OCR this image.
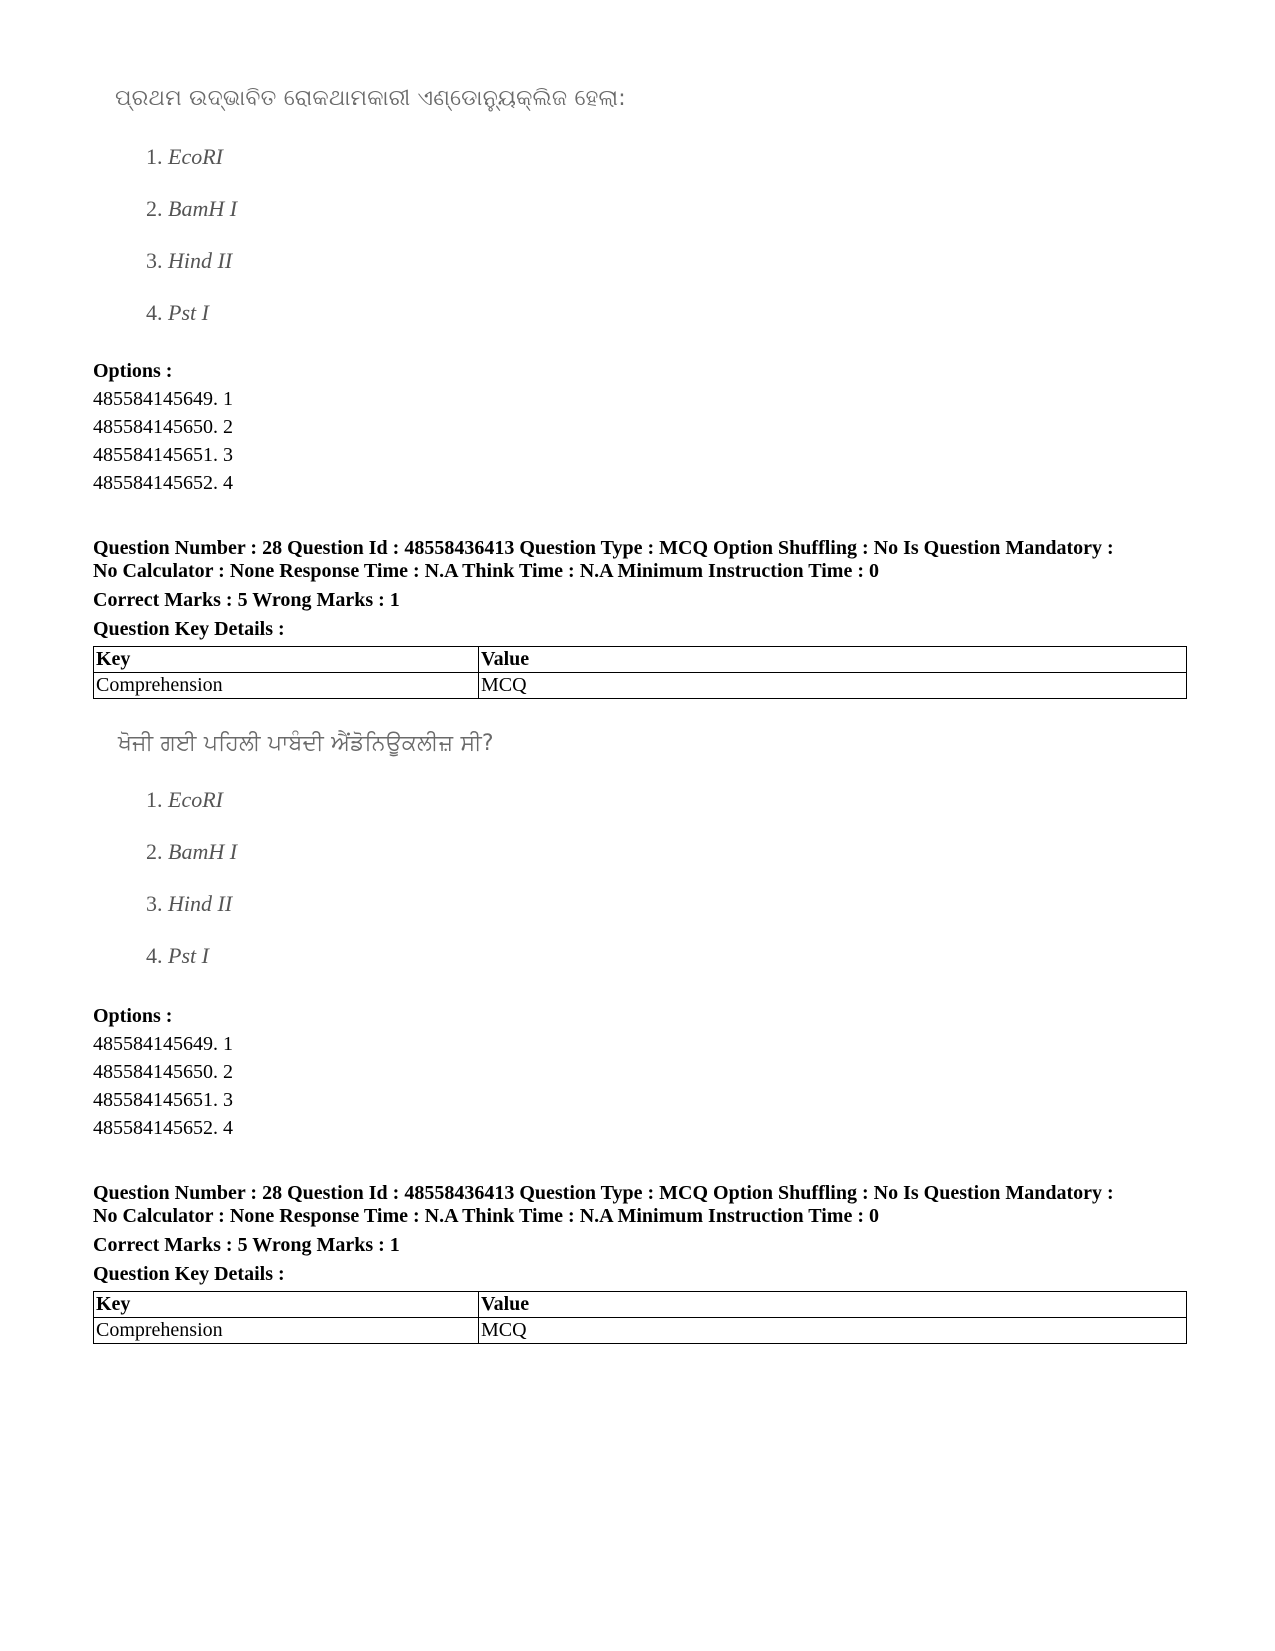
ପ୍ରଥମ ଉଦ୍ଭାବିତ ରୋକଥାମକାରୀ ଏଣ୍ଡୋନ୍ୟୁକ୍ଲିଜ ହେଲା:
1. EcoRI
2. BamH I
3. Hind II
4. Pst I
Options :
485584145649. 1
485584145650. 2
485584145651. 3
485584145652. 4
Question Number : 28 Question Id : 48558436413 Question Type : MCQ Option Shuffling : No Is Question Mandatory :
No Calculator : None Response Time : N.A Think Time : N.A Minimum Instruction Time : 0
Correct Marks : 5 Wrong Marks : 1
Question Key Details :
Key	Value
Comprehension	MCQ
ਖੋਜੀ ਗਈ ਪਹਿਲੀ ਪਾਬੰਦੀ ਐਂਡੋਨਿਊਕਲੀਜ਼ ਸੀ?
1. EcoRI
2. BamH I
3. Hind II
4. Pst I
Options :
485584145649. 1
485584145650. 2
485584145651. 3
485584145652. 4
Question Number : 28 Question Id : 48558436413 Question Type : MCQ Option Shuffling : No Is Question Mandatory :
No Calculator : None Response Time : N.A Think Time : N.A Minimum Instruction Time : 0
Correct Marks : 5 Wrong Marks : 1
Question Key Details :
Key	Value
Comprehension	MCQ
